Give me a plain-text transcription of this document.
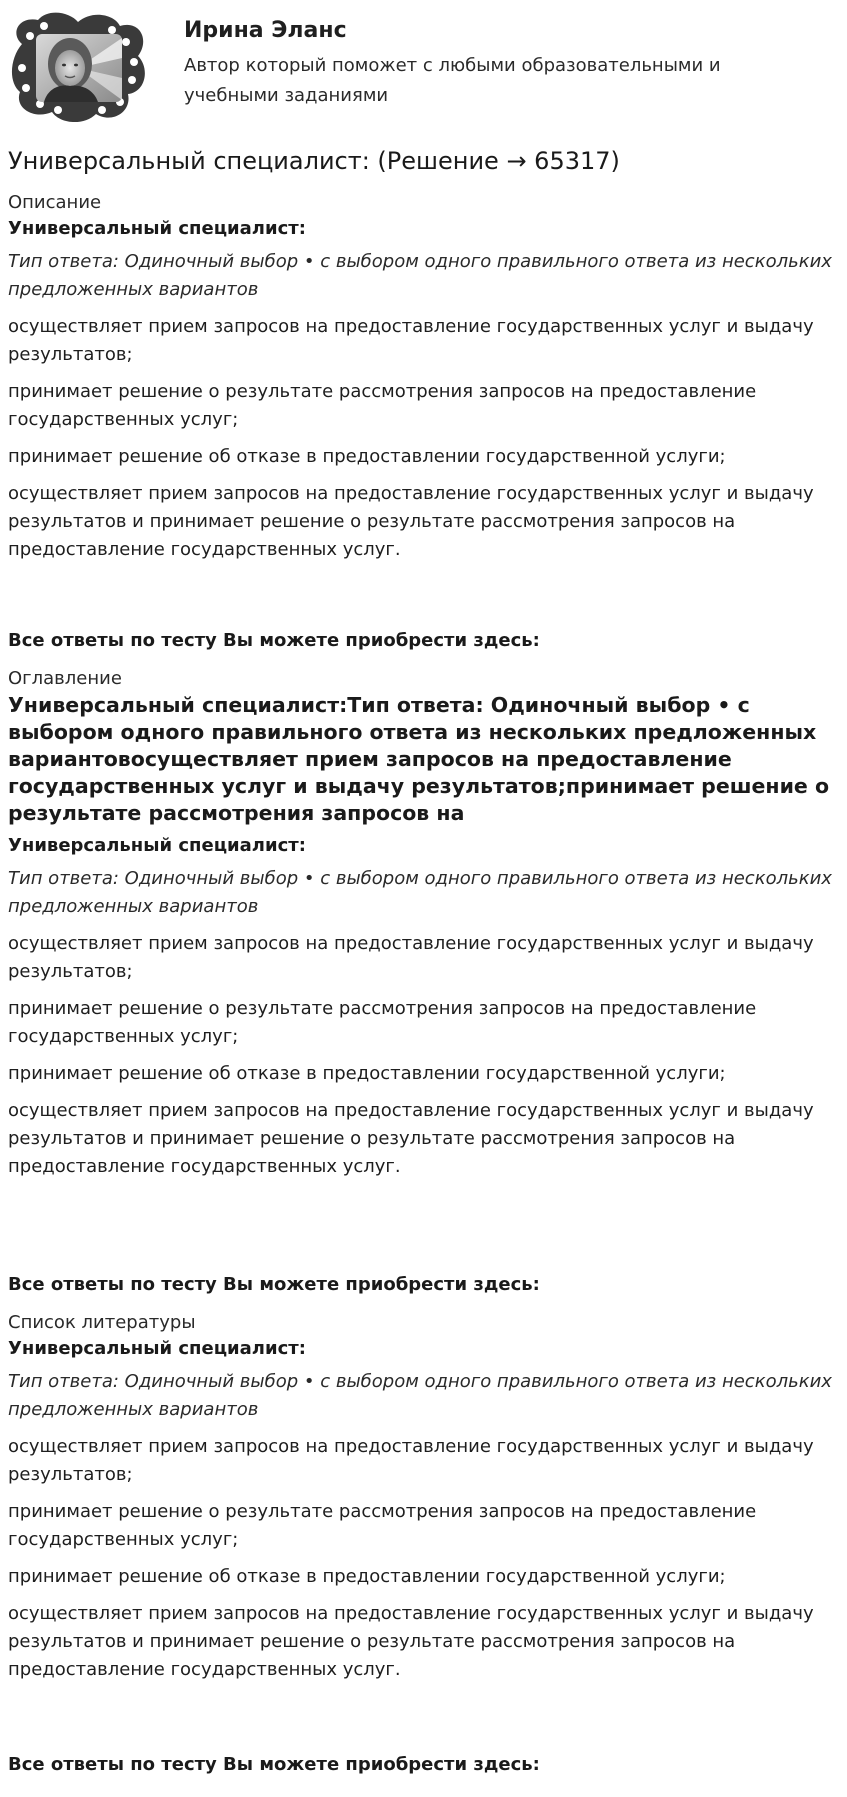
Ирина Эланс
Автор который поможет с любыми образовательными и учебными заданиями
Универсальный специалист: (Решение → 65317)

Описание

Универсальный специалист:

Тип ответа: Одиночный выбор • с выбором одного правильного ответа из нескольких предложенных вариантов

осуществляет прием запросов на предоставление государственных услуг и выдачу результатов;

принимает решение о результате рассмотрения запросов на предоставление государственных услуг;

принимает решение об отказе в предоставлении государственной услуги;

осуществляет прием запросов на предоставление государственных услуг и выдачу результатов и принимает решение о результате рассмотрения запросов на предоставление государственных услуг.

Все ответы по тесту Вы можете приобрести здесь:

Оглавление

Универсальный специалист:Тип ответа: Одиночный выбор • с выбором одного правильного ответа из нескольких предложенных вариантовосуществляет прием запросов на предоставление государственных услуг и выдачу результатов;принимает решение о результате рассмотрения запросов на

Универсальный специалист:

Тип ответа: Одиночный выбор • с выбором одного правильного ответа из нескольких предложенных вариантов

осуществляет прием запросов на предоставление государственных услуг и выдачу результатов;

принимает решение о результате рассмотрения запросов на предоставление государственных услуг;

принимает решение об отказе в предоставлении государственной услуги;

осуществляет прием запросов на предоставление государственных услуг и выдачу результатов и принимает решение о результате рассмотрения запросов на предоставление государственных услуг.

Все ответы по тесту Вы можете приобрести здесь:

Список литературы

Универсальный специалист:

Тип ответа: Одиночный выбор • с выбором одного правильного ответа из нескольких предложенных вариантов

осуществляет прием запросов на предоставление государственных услуг и выдачу результатов;

принимает решение о результате рассмотрения запросов на предоставление государственных услуг;

принимает решение об отказе в предоставлении государственной услуги;

осуществляет прием запросов на предоставление государственных услуг и выдачу результатов и принимает решение о результате рассмотрения запросов на предоставление государственных услуг.

Все ответы по тесту Вы можете приобрести здесь:
